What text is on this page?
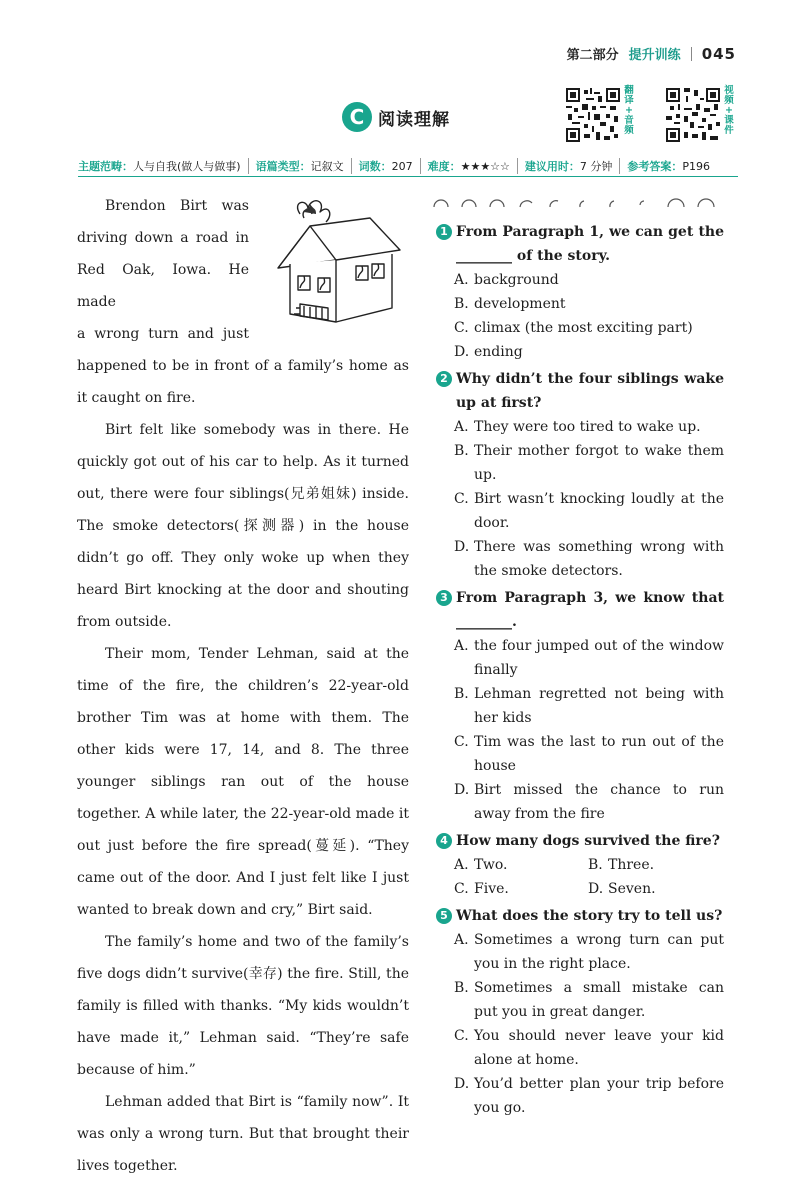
第二部分 提升训练 045
C 阅读理解
翻
译
+
音
频
视
频
+
课
件
主题范畴：人与自我(做人与做事)	语篇类型：记叙文	词数：207	难度：★★★☆☆	建议用时：7 分钟	参考答案：P196
Brendon Birt was
driving down a road in
Red Oak, Iowa. He made
a wrong turn and just
happened to be in front of a family’s home as it caught on fire.

Birt felt like somebody was in there. He quickly got out of his car to help. As it turned out, there were four siblings(兄弟姐妹) inside. The smoke detectors(探测器) in the house didn’t go off. They only woke up when they heard Birt knocking at the door and shouting from outside.

Their mom, Tender Lehman, said at the time of the fire, the children’s 22-year-old brother Tim was at home with them. The other kids were 17, 14, and 8. The three younger siblings ran out of the house together. A while later, the 22-year-old made it out just before the fire spread(蔓延). “They came out of the door. And I just felt like I just wanted to break down and cry,” Birt said.

The family’s home and two of the family’s five dogs didn’t survive(幸存) the fire. Still, the family is filled with thanks. “My kids wouldn’t have made it,” Lehman said. “They’re safe because of him.”

Lehman added that Birt is “family now”. It was only a wrong turn. But that brought their lives together.

1 From Paragraph 1, we can get the ________ of the story.
A. background
B. development
C. climax (the most exciting part)
D. ending
2 Why didn’t the four siblings wake up at first?
A. They were too tired to wake up.
B. Their mother forgot to wake them up.
C. Birt wasn’t knocking loudly at the door.
D. There was something wrong with the smoke detectors.
3 From Paragraph 3, we know that ________.
A. the four jumped out of the window finally
B. Lehman regretted not being with her kids
C. Tim was the last to run out of the house
D. Birt missed the chance to run away from the fire
4 How many dogs survived the fire?
A. Two.	B. Three.
C. Five.	D. Seven.
5 What does the story try to tell us?
A. Sometimes a wrong turn can put you in the right place.
B. Sometimes a small mistake can put you in great danger.
C. You should never leave your kid alone at home.
D. You’d better plan your trip before you go.
